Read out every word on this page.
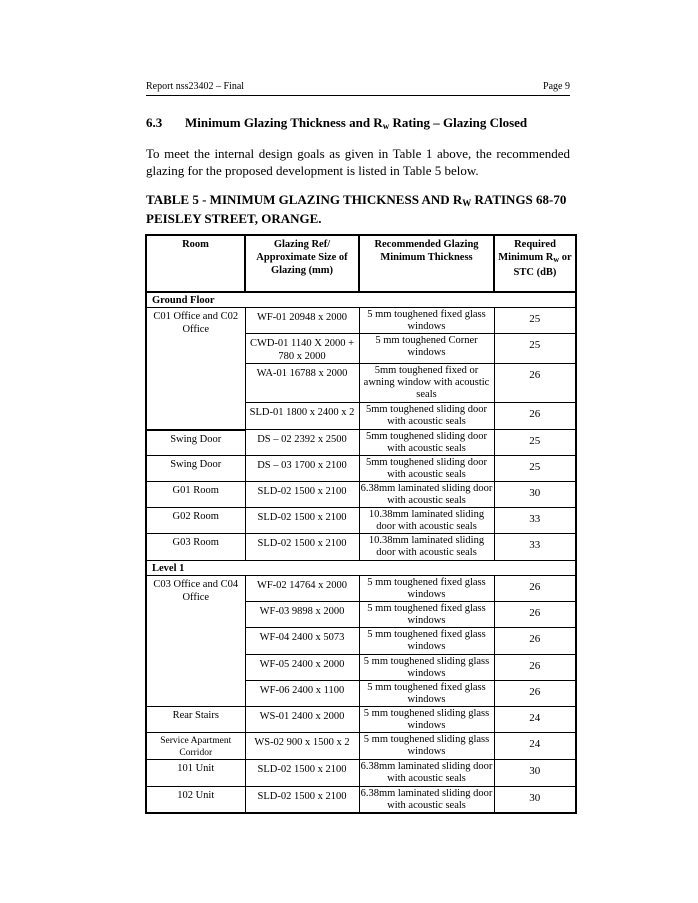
Report nss23402 – Final	Page 9
6.3 Minimum Glazing Thickness and $R_w$ Rating – Glazing Closed
To meet the internal design goals as given in Table 1 above, the recommended glazing for the proposed development is listed in Table 5 below.
TABLE 5 - MINIMUM GLAZING THICKNESS AND $R_W$ RATINGS 68-70 PEISLEY STREET, ORANGE.
Room	Glazing Ref/ Approximate Size of Glazing (mm)	Recommended Glazing Minimum Thickness	Required Minimum $R_w$ or STC (dB)
Ground Floor			
C01 Office and C02 Office	WF-01 20948 x 2000	5 mm toughened fixed glass windows	25
	CWD-01 1140 X 2000 + 780 x 2000	5 mm toughened Corner windows	25
	WA-01 16788 x 2000	5mm toughened fixed or awning window with acoustic seals	26
	SLD-01 1800 x 2400 x 2	5mm toughened sliding door with acoustic seals	26
Swing Door	DS – 02 2392 x 2500	5mm toughened sliding door with acoustic seals	25
Swing Door	DS – 03 1700 x 2100	5mm toughened sliding door with acoustic seals	25
G01 Room	SLD-02 1500 x 2100	6.38mm laminated sliding door with acoustic seals	30
G02 Room	SLD-02 1500 x 2100	10.38mm laminated sliding door with acoustic seals	33
G03 Room	SLD-02 1500 x 2100	10.38mm laminated sliding door with acoustic seals	33
Level 1			
C03 Office and C04 Office	WF-02 14764 x 2000	5 mm toughened fixed glass windows	26
	WF-03 9898 x 2000	5 mm toughened fixed glass windows	26
	WF-04 2400 x 5073	5 mm toughened fixed glass windows	26
	WF-05 2400 x 2000	5 mm toughened sliding glass windows	26
	WF-06 2400 x 1100	5 mm toughened fixed glass windows	26
Rear Stairs	WS-01 2400 x 2000	5 mm toughened sliding glass windows	24
Service Apartment Corridor	WS-02 900 x 1500 x 2	5 mm toughened sliding glass windows	24
101 Unit	SLD-02 1500 x 2100	6.38mm laminated sliding door with acoustic seals	30
102 Unit	SLD-02 1500 x 2100	6.38mm laminated sliding door with acoustic seals	30
